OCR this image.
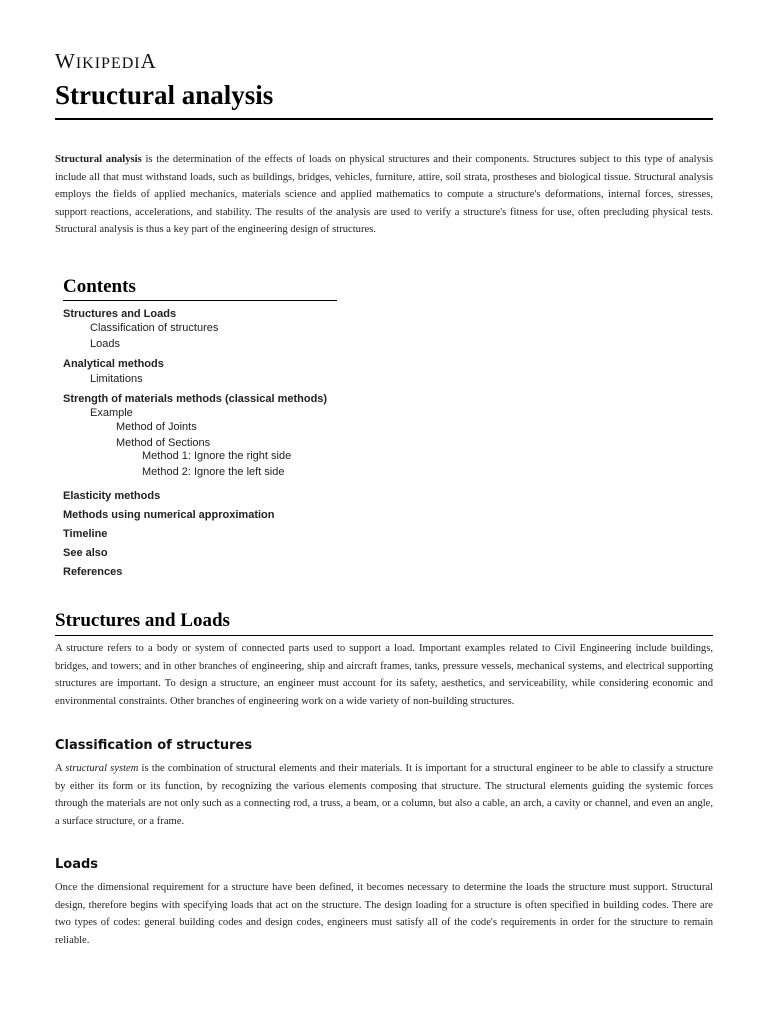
WIKIPEDIA
Structural analysis

Structural analysis is the determination of the effects of loads on physical structures and their components. Structures subject to this type of analysis include all that must withstand loads, such as buildings, bridges, vehicles, furniture, attire, soil strata, prostheses and biological tissue. Structural analysis employs the fields of applied mechanics, materials science and applied mathematics to compute a structure's deformations, internal forces, stresses, support reactions, accelerations, and stability. The results of the analysis are used to verify a structure's fitness for use, often precluding physical tests. Structural analysis is thus a key part of the engineering design of structures.

Contents
Structures and Loads
Classification of structures
Loads
Analytical methods
Limitations
Strength of materials methods (classical methods)
Example
Method of Joints
Method of Sections
Method 1: Ignore the right side
Method 2: Ignore the left side
Elasticity methods
Methods using numerical approximation
Timeline
See also
References
Structures and Loads

A structure refers to a body or system of connected parts used to support a load. Important examples related to Civil Engineering include buildings, bridges, and towers; and in other branches of engineering, ship and aircraft frames, tanks, pressure vessels, mechanical systems, and electrical supporting structures are important. To design a structure, an engineer must account for its safety, aesthetics, and serviceability, while considering economic and environmental constraints. Other branches of engineering work on a wide variety of non-building structures.

Classification of structures

A structural system is the combination of structural elements and their materials. It is important for a structural engineer to be able to classify a structure by either its form or its function, by recognizing the various elements composing that structure. The structural elements guiding the systemic forces through the materials are not only such as a connecting rod, a truss, a beam, or a column, but also a cable, an arch, a cavity or channel, and even an angle, a surface structure, or a frame.

Loads

Once the dimensional requirement for a structure have been defined, it becomes necessary to determine the loads the structure must support. Structural design, therefore begins with specifying loads that act on the structure. The design loading for a structure is often specified in building codes. There are two types of codes: general building codes and design codes, engineers must satisfy all of the code's requirements in order for the structure to remain reliable.
